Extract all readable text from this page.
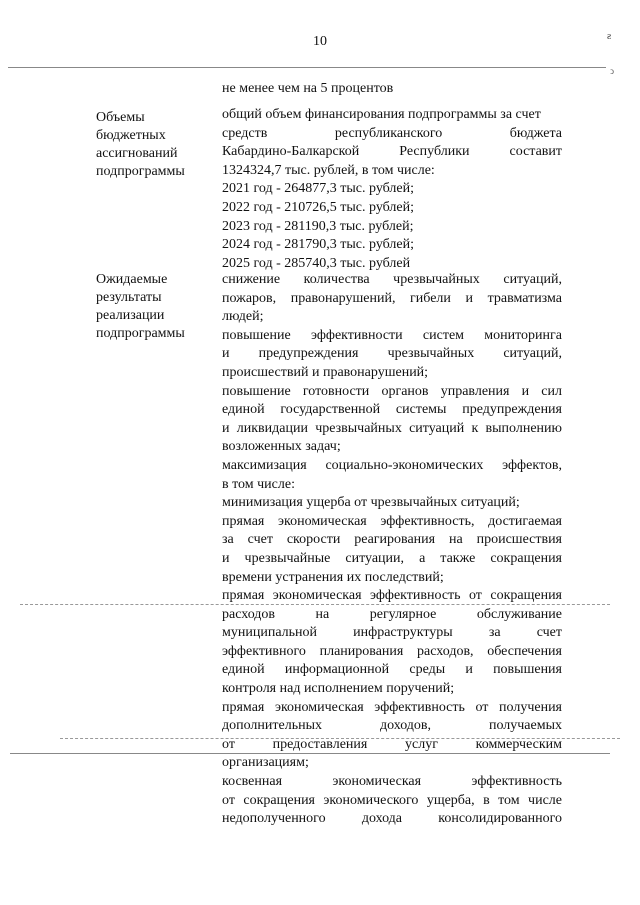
10	ƨ
ͻ
не менее чем на 5 процентов
Объемы
бюджетных
ассигнований
подпрограммы
общий объем финансирования подпрограммы за счет
средств республиканского бюджета
Кабардино-Балкарской Республики составит
1324324,7 тыс. рублей, в том числе:
2021 год - 264877,3 тыс. рублей;
2022 год - 210726,5 тыс. рублей;
2023 год - 281190,3 тыс. рублей;
2024 год - 281790,3 тыс. рублей;
2025 год - 285740,3 тыс. рублей
Ожидаемые
результаты
реализации
подпрограммы
снижение количества чрезвычайных ситуаций,
пожаров, правонарушений, гибели и травматизма
людей;
повышение эффективности систем мониторинга
и предупреждения чрезвычайных ситуаций,
происшествий и правонарушений;
повышение готовности органов управления и сил
единой государственной системы предупреждения
и ликвидации чрезвычайных ситуаций к выполнению
возложенных задач;
максимизация социально-экономических эффектов,
в том числе:
минимизация ущерба от чрезвычайных ситуаций;
прямая экономическая эффективность, достигаемая
за счет скорости реагирования на происшествия
и чрезвычайные ситуации, а также сокращения
времени устранения их последствий;
прямая экономическая эффективность от сокращения
расходов на регулярное обслуживание
муниципальной инфраструктуры за счет
эффективного планирования расходов, обеспечения
единой информационной среды и повышения
контроля над исполнением поручений;
прямая экономическая эффективность от получения
дополнительных доходов, получаемых
от предоставления услуг коммерческим
организациям;
косвенная экономическая эффективность
от сокращения экономического ущерба, в том числе
недополученного дохода консолидированного
